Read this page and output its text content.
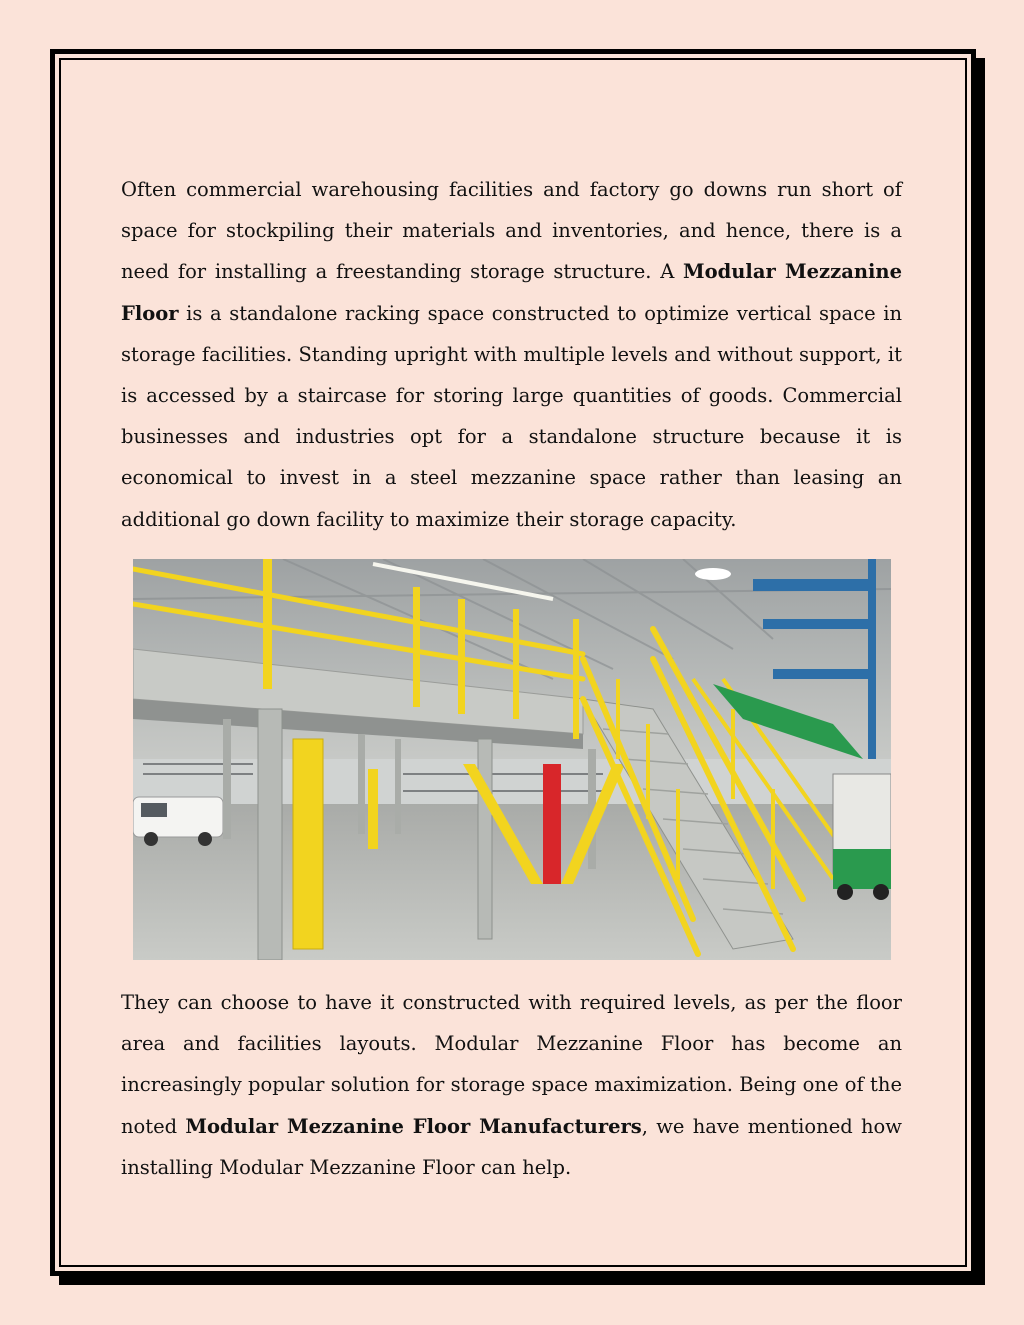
Often commercial warehousing facilities and factory go downs run short of space for stockpiling their materials and inventories, and hence, there is a need for installing a freestanding storage structure. A Modular Mezzanine Floor is a standalone racking space constructed to optimize vertical space in storage facilities. Standing upright with multiple levels and without support, it is accessed by a staircase for storing large quantities of goods. Commercial businesses and industries opt for a standalone structure because it is economical to invest in a steel mezzanine space rather than leasing an additional go down facility to maximize their storage capacity.

They can choose to have it constructed with required levels, as per the floor area and facilities layouts. Modular Mezzanine Floor has become an increasingly popular solution for storage space maximization. Being one of the noted Modular Mezzanine Floor Manufacturers, we have mentioned how installing Modular Mezzanine Floor can help.
